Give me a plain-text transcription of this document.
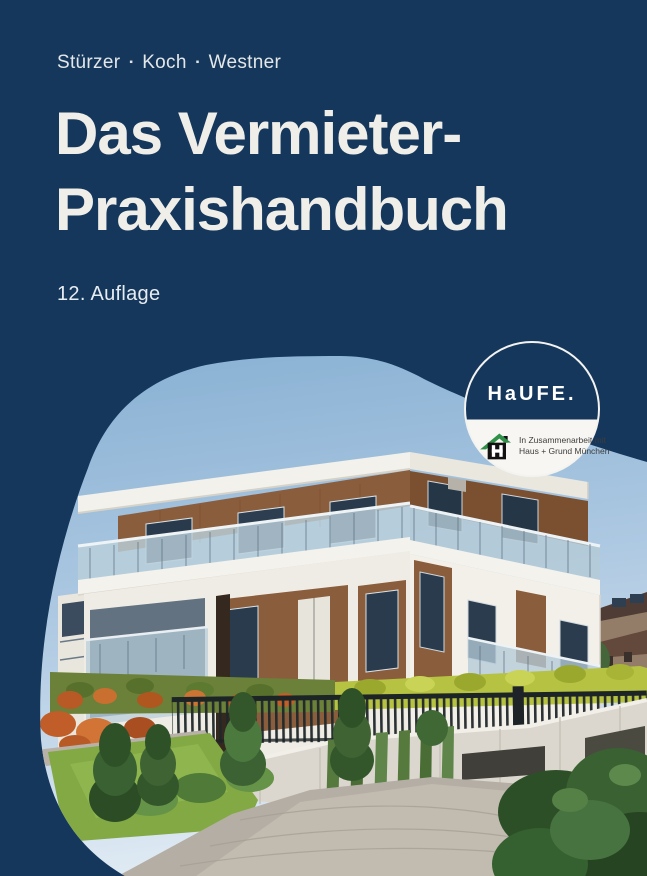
Stürzer ▪ Koch ▪ Westner
Das Vermieter-
Praxishandbuch
12. Auflage
HaUFE.
In Zusammenarbeit mit
Haus + Grund München
